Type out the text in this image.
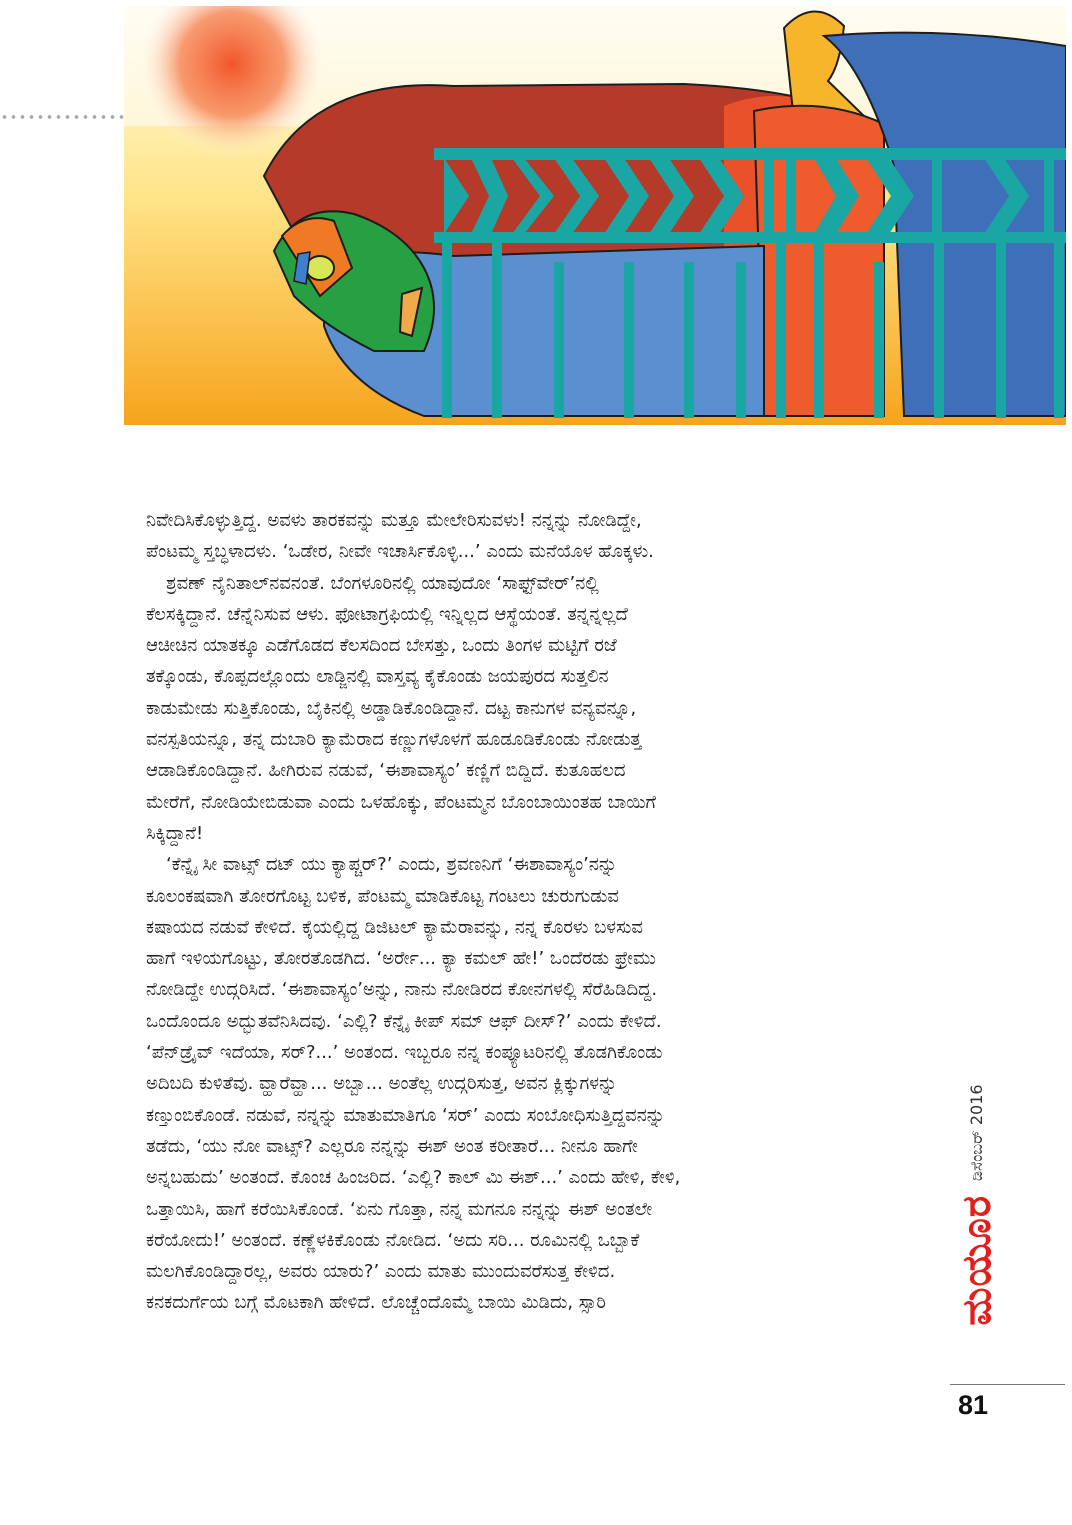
ನಿವೇದಿಸಿಕೊಳ್ಳುತ್ತಿದ್ದ. ಅವಳು ತಾರಕವನ್ನು ಮತ್ತೂ ಮೇಲೇರಿಸುವಳು! ನನ್ನನ್ನು ನೋಡಿದ್ದೇ,
ಪೆಂಟಮ್ಮ ಸ್ತಬ್ಧಳಾದಳು. ‘ಒಡೇರ, ನೀವೇ ಇಚಾರ್ಸಿಕೊಳ್ಳಿ...’ ಎಂದು ಮನೆಯೊಳ ಹೊಕ್ಕಳು.
ಶ್ರವಣ್ ನೈನಿತಾಲ್‌ನವನಂತೆ. ಬೆಂಗಳೂರಿನಲ್ಲಿ ಯಾವುದೋ ‘ಸಾಫ್ಟ್‌ವೇರ್’ನಲ್ಲಿ
ಕೆಲಸಕ್ಕಿದ್ದಾನೆ. ಚೆನ್ನೆನಿಸುವ ಆಳು. ಫೋಟಾಗ್ರಫಿಯಲ್ಲಿ ಇನ್ನಿಲ್ಲದ ಆಸ್ಥೆಯಂತೆ. ತನ್ನನ್ನಲ್ಲದೆ
ಆಚೀಚಿನ ಯಾತಕ್ಕೂ ಎಡೆಗೊಡದ ಕೆಲಸದಿಂದ ಬೇಸತ್ತು, ಒಂದು ತಿಂಗಳ ಮಟ್ಟಿಗೆ ರಜೆ
ತಕ್ಕೊಂಡು, ಕೊಪ್ಪದಲ್ಲೊಂದು ಲಾಡ್ಜಿನಲ್ಲಿ ವಾಸ್ತವ್ಯ ಕೈಕೊಂಡು ಜಯಪುರದ ಸುತ್ತಲಿನ
ಕಾಡುಮೇಡು ಸುತ್ತಿಕೊಂಡು, ಬೈಕಿನಲ್ಲಿ ಅಡ್ಡಾಡಿಕೊಂಡಿದ್ದಾನೆ. ದಟ್ಟ ಕಾನುಗಳ ವನ್ಯವನ್ನೂ,
ವನಸ್ಪತಿಯನ್ನೂ, ತನ್ನ ದುಬಾರಿ ಕ್ಯಾಮೆರಾದ ಕಣ್ಣುಗಳೊಳಗೆ ಹೂಡೂಡಿಕೊಂಡು ನೋಡುತ್ತ
ಆಡಾಡಿಕೊಂಡಿದ್ದಾನೆ. ಹೀಗಿರುವ ನಡುವೆ, ‘ಈಶಾವಾಸ್ಯಂ’ ಕಣ್ಣಿಗೆ ಬಿದ್ದಿದೆ. ಕುತೂಹಲದ
ಮೇರೆಗೆ, ನೋಡಿಯೇಬಿಡುವಾ ಎಂದು ಒಳಹೊಕ್ಕು, ಪೆಂಟಮ್ಮನ ಬೊಂಬಾಯಿಂತಹ ಬಾಯಿಗೆ
ಸಿಕ್ಕಿದ್ದಾನೆ!
‘ಕೆನ್ನೈ ಸೀ ವಾಟ್ಸ್ ದಟ್ ಯು ಕ್ಯಾಪ್ಚರ್?’ ಎಂದು, ಶ್ರವಣನಿಗೆ ‘ಈಶಾವಾಸ್ಯಂ’ನನ್ನು
ಕೂಲಂಕಷವಾಗಿ ತೋರಗೊಟ್ಟ ಬಳಿಕ, ಪೆಂಟಮ್ಮ ಮಾಡಿಕೊಟ್ಟ ಗಂಟಲು ಚುರುಗುಡುವ
ಕಷಾಯದ ನಡುವೆ ಕೇಳಿದೆ. ಕೈಯಲ್ಲಿದ್ದ ಡಿಜಿಟಲ್ ಕ್ಯಾಮೆರಾವನ್ನು, ನನ್ನ ಕೊರಳು ಬಳಸುವ
ಹಾಗೆ ಇಳಿಯಗೊಟ್ಟು, ತೋರತೊಡಗಿದ. ‘ಅರ್ರೇ... ಕ್ಯಾ ಕಮಲ್ ಹೇ!’ ಒಂದೆರಡು ಫ್ರೇಮು
ನೋಡಿದ್ದೇ ಉದ್ಗರಿಸಿದೆ. ‘ಈಶಾವಾಸ್ಯಂ’ಅನ್ನು, ನಾನು ನೋಡಿರದ ಕೋನಗಳಲ್ಲಿ ಸೆರೆಹಿಡಿದಿದ್ದ.
ಒಂದೊಂದೂ ಅದ್ಭುತವೆನಿಸಿದವು. ‘ಎಲ್ಲಿ? ಕೆನ್ನೈ ಕೀಪ್ ಸಮ್ ಆಫ್ ದೀಸ್?’ ಎಂದು ಕೇಳಿದೆ.
‘ಪೆನ್‌ಡ್ರೈವ್ ಇದೆಯಾ, ಸರ್?...’ ಅಂತಂದ. ಇಬ್ಬರೂ ನನ್ನ ಕಂಪ್ಯೂಟರಿನಲ್ಲಿ ತೊಡಗಿಕೊಂಡು
ಅದಿಬದಿ ಕುಳಿತೆವು. ವ್ಹಾರೆವ್ಹಾ... ಅಬ್ಬಾ... ಅಂತೆಲ್ಲ ಉದ್ಗರಿಸುತ್ತ, ಅವನ ಕ್ಲಿಕ್ಕುಗಳನ್ನು
ಕಣ್ತುಂಬಿಕೊಂಡೆ. ನಡುವೆ, ನನ್ನನ್ನು ಮಾತುಮಾತಿಗೂ ‘ಸರ್’ ಎಂದು ಸಂಬೋಧಿಸುತ್ತಿದ್ದವನನ್ನು
ತಡೆದು, ‘ಯು ನೋ ವಾಟ್ಸ್? ಎಲ್ಲರೂ ನನ್ನನ್ನು ಈಶ್ ಅಂತ ಕರೀತಾರೆ... ನೀನೂ ಹಾಗೇ
ಅನ್ನಬಹುದು’ ಅಂತಂದೆ. ಕೊಂಚ ಹಿಂಜರಿದ. ‘ಎಲ್ಲಿ? ಕಾಲ್ ಮಿ ಈಶ್...’ ಎಂದು ಹೇಳಿ, ಕೇಳಿ,
ಒತ್ತಾಯಿಸಿ, ಹಾಗೆ ಕರೆಯಿಸಿಕೊಂಡೆ. ‘ಏನು ಗೊತ್ತಾ, ನನ್ನ ಮಗನೂ ನನ್ನನ್ನು ಈಶ್ ಅಂತಲೇ
ಕರೆಯೋದು!’ ಅಂತಂದೆ. ಕಣ್ಣೆಳಕಿಕೊಂಡು ನೋಡಿದ. ‘ಅದು ಸರಿ... ರೂಮಿನಲ್ಲಿ ಒಬ್ಬಾಕೆ
ಮಲಗಿಕೊಂಡಿದ್ದಾರಲ್ಲ, ಅವರು ಯಾರು?’ ಎಂದು ಮಾತು ಮುಂದುವರೆಸುತ್ತ ಕೇಳಿದ.
ಕನಕದುರ್ಗೆಯ ಬಗ್ಗೆ ಮೊಟಕಾಗಿ ಹೇಳಿದೆ. ಲೊಚ್ಚೆಂದೊಮ್ಮೆ ಬಾಯಿ ಮಿಡಿದು, ಸ್ಸಾರಿ	ಮಯೂರ
ಡಿಸೆಂಬರ್ 2016
81
